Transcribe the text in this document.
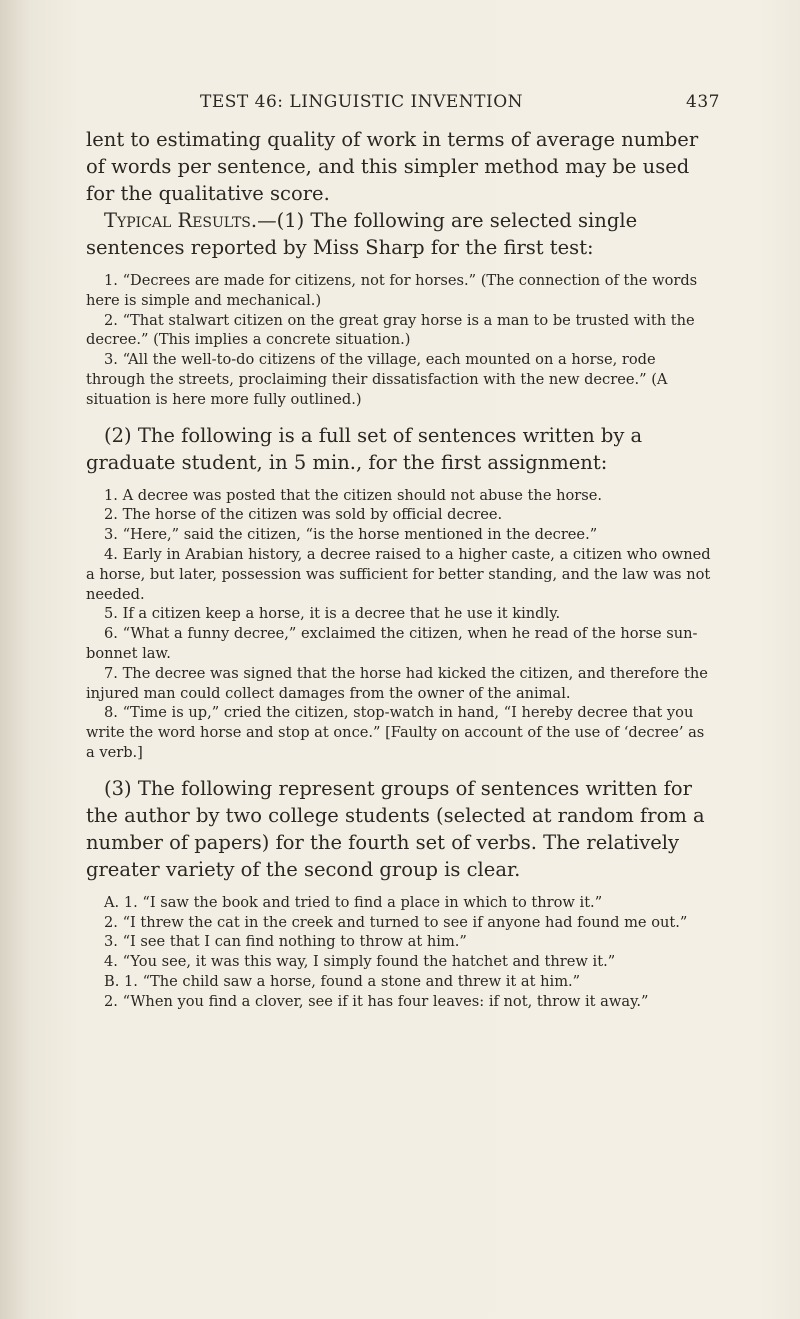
TEST 46: LINGUISTIC INVENTION	437

lent to estimating quality of work in terms of average number of words per sentence, and this simpler method may be used for the qualitative score.

Typical Results.—(1) The following are selected single sentences reported by Miss Sharp for the first test:

1. “Decrees are made for citizens, not for horses.” (The connection of the words here is simple and mechanical.)

2. “That stalwart citizen on the great gray horse is a man to be trusted with the decree.” (This implies a concrete situation.)

3. “All the well-to-do citizens of the village, each mounted on a horse, rode through the streets, proclaiming their dissatisfaction with the new decree.” (A situation is here more fully outlined.)

(2) The following is a full set of sentences written by a graduate student, in 5 min., for the first assignment:

1. A decree was posted that the citizen should not abuse the horse.

2. The horse of the citizen was sold by official decree.

3. “Here,” said the citizen, “is the horse mentioned in the decree.”

4. Early in Arabian history, a decree raised to a higher caste, a citizen who owned a horse, but later, possession was sufficient for better standing, and the law was not needed.

5. If a citizen keep a horse, it is a decree that he use it kindly.

6. “What a funny decree,” exclaimed the citizen, when he read of the horse sun-bonnet law.

7. The decree was signed that the horse had kicked the citizen, and therefore the injured man could collect damages from the owner of the animal.

8. “Time is up,” cried the citizen, stop-watch in hand, “I hereby decree that you write the word horse and stop at once.” [Faulty on account of the use of ‘decree’ as a verb.]

(3) The following represent groups of sentences written for the author by two college students (selected at random from a number of papers) for the fourth set of verbs. The relatively greater variety of the second group is clear.

A. 1. “I saw the book and tried to find a place in which to throw it.”

2. “I threw the cat in the creek and turned to see if anyone had found me out.”

3. “I see that I can find nothing to throw at him.”

4. “You see, it was this way, I simply found the hatchet and threw it.”

B. 1. “The child saw a horse, found a stone and threw it at him.”

2. “When you find a clover, see if it has four leaves: if not, throw it away.”
